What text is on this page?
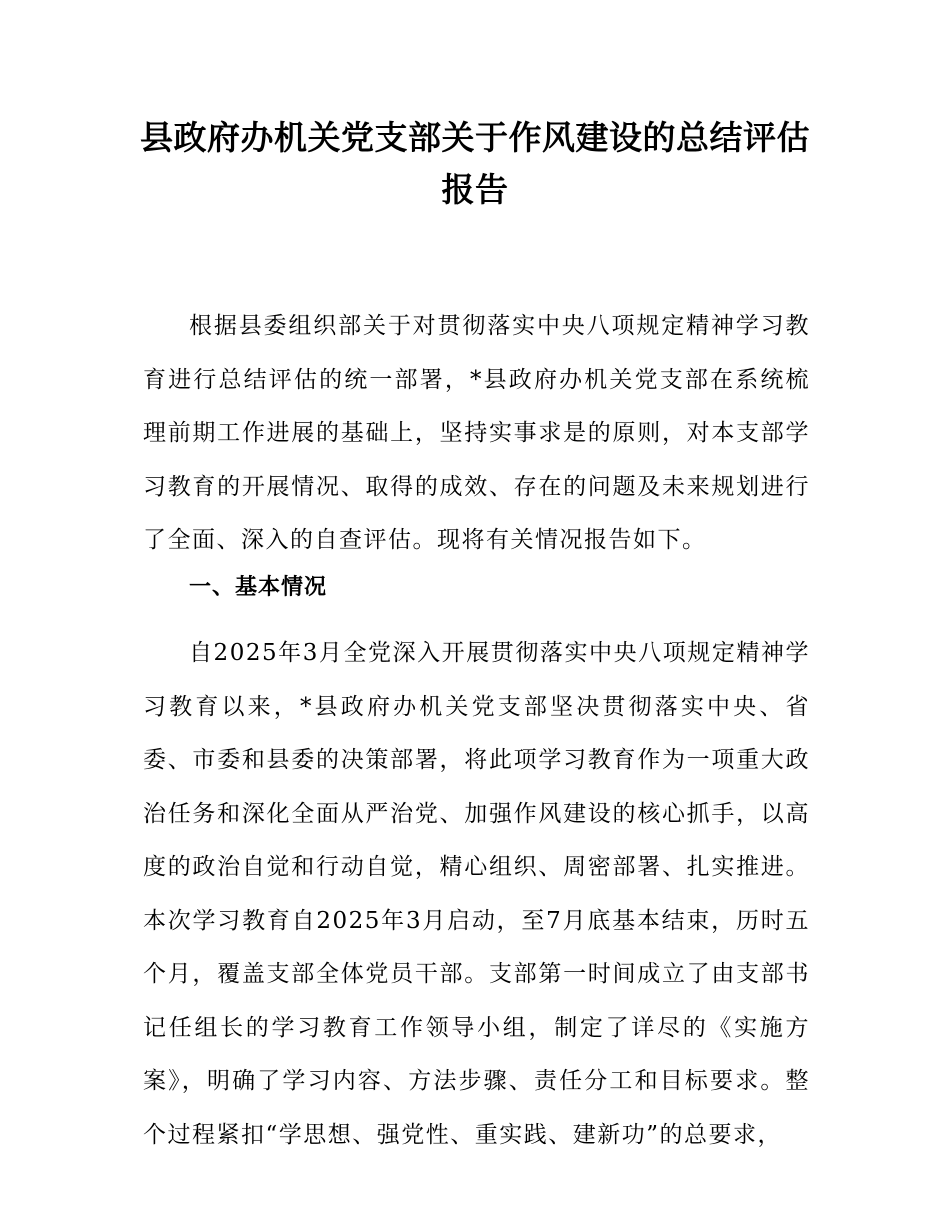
县政府办机关党支部关于作风建设的总结评估报告

根据县委组织部关于对贯彻落实中央八项规定精神学习教育进行总结评估的统一部署，*县政府办机关党支部在系统梳理前期工作进展的基础上，坚持实事求是的原则，对本支部学习教育的开展情况、取得的成效、存在的问题及未来规划进行了全面、深入的自查评估。现将有关情况报告如下。

一、基本情况

自2025年3月全党深入开展贯彻落实中央八项规定精神学习教育以来，*县政府办机关党支部坚决贯彻落实中央、省委、市委和县委的决策部署，将此项学习教育作为一项重大政治任务和深化全面从严治党、加强作风建设的核心抓手，以高度的政治自觉和行动自觉，精心组织、周密部署、扎实推进。本次学习教育自2025年3月启动，至7月底基本结束，历时五个月，覆盖支部全体党员干部。支部第一时间成立了由支部书记任组长的学习教育工作领导小组，制定了详尽的《实施方案》，明确了学习内容、方法步骤、责任分工和目标要求。整个过程紧扣“学思想、强党性、重实践、建新功”的总要求，
